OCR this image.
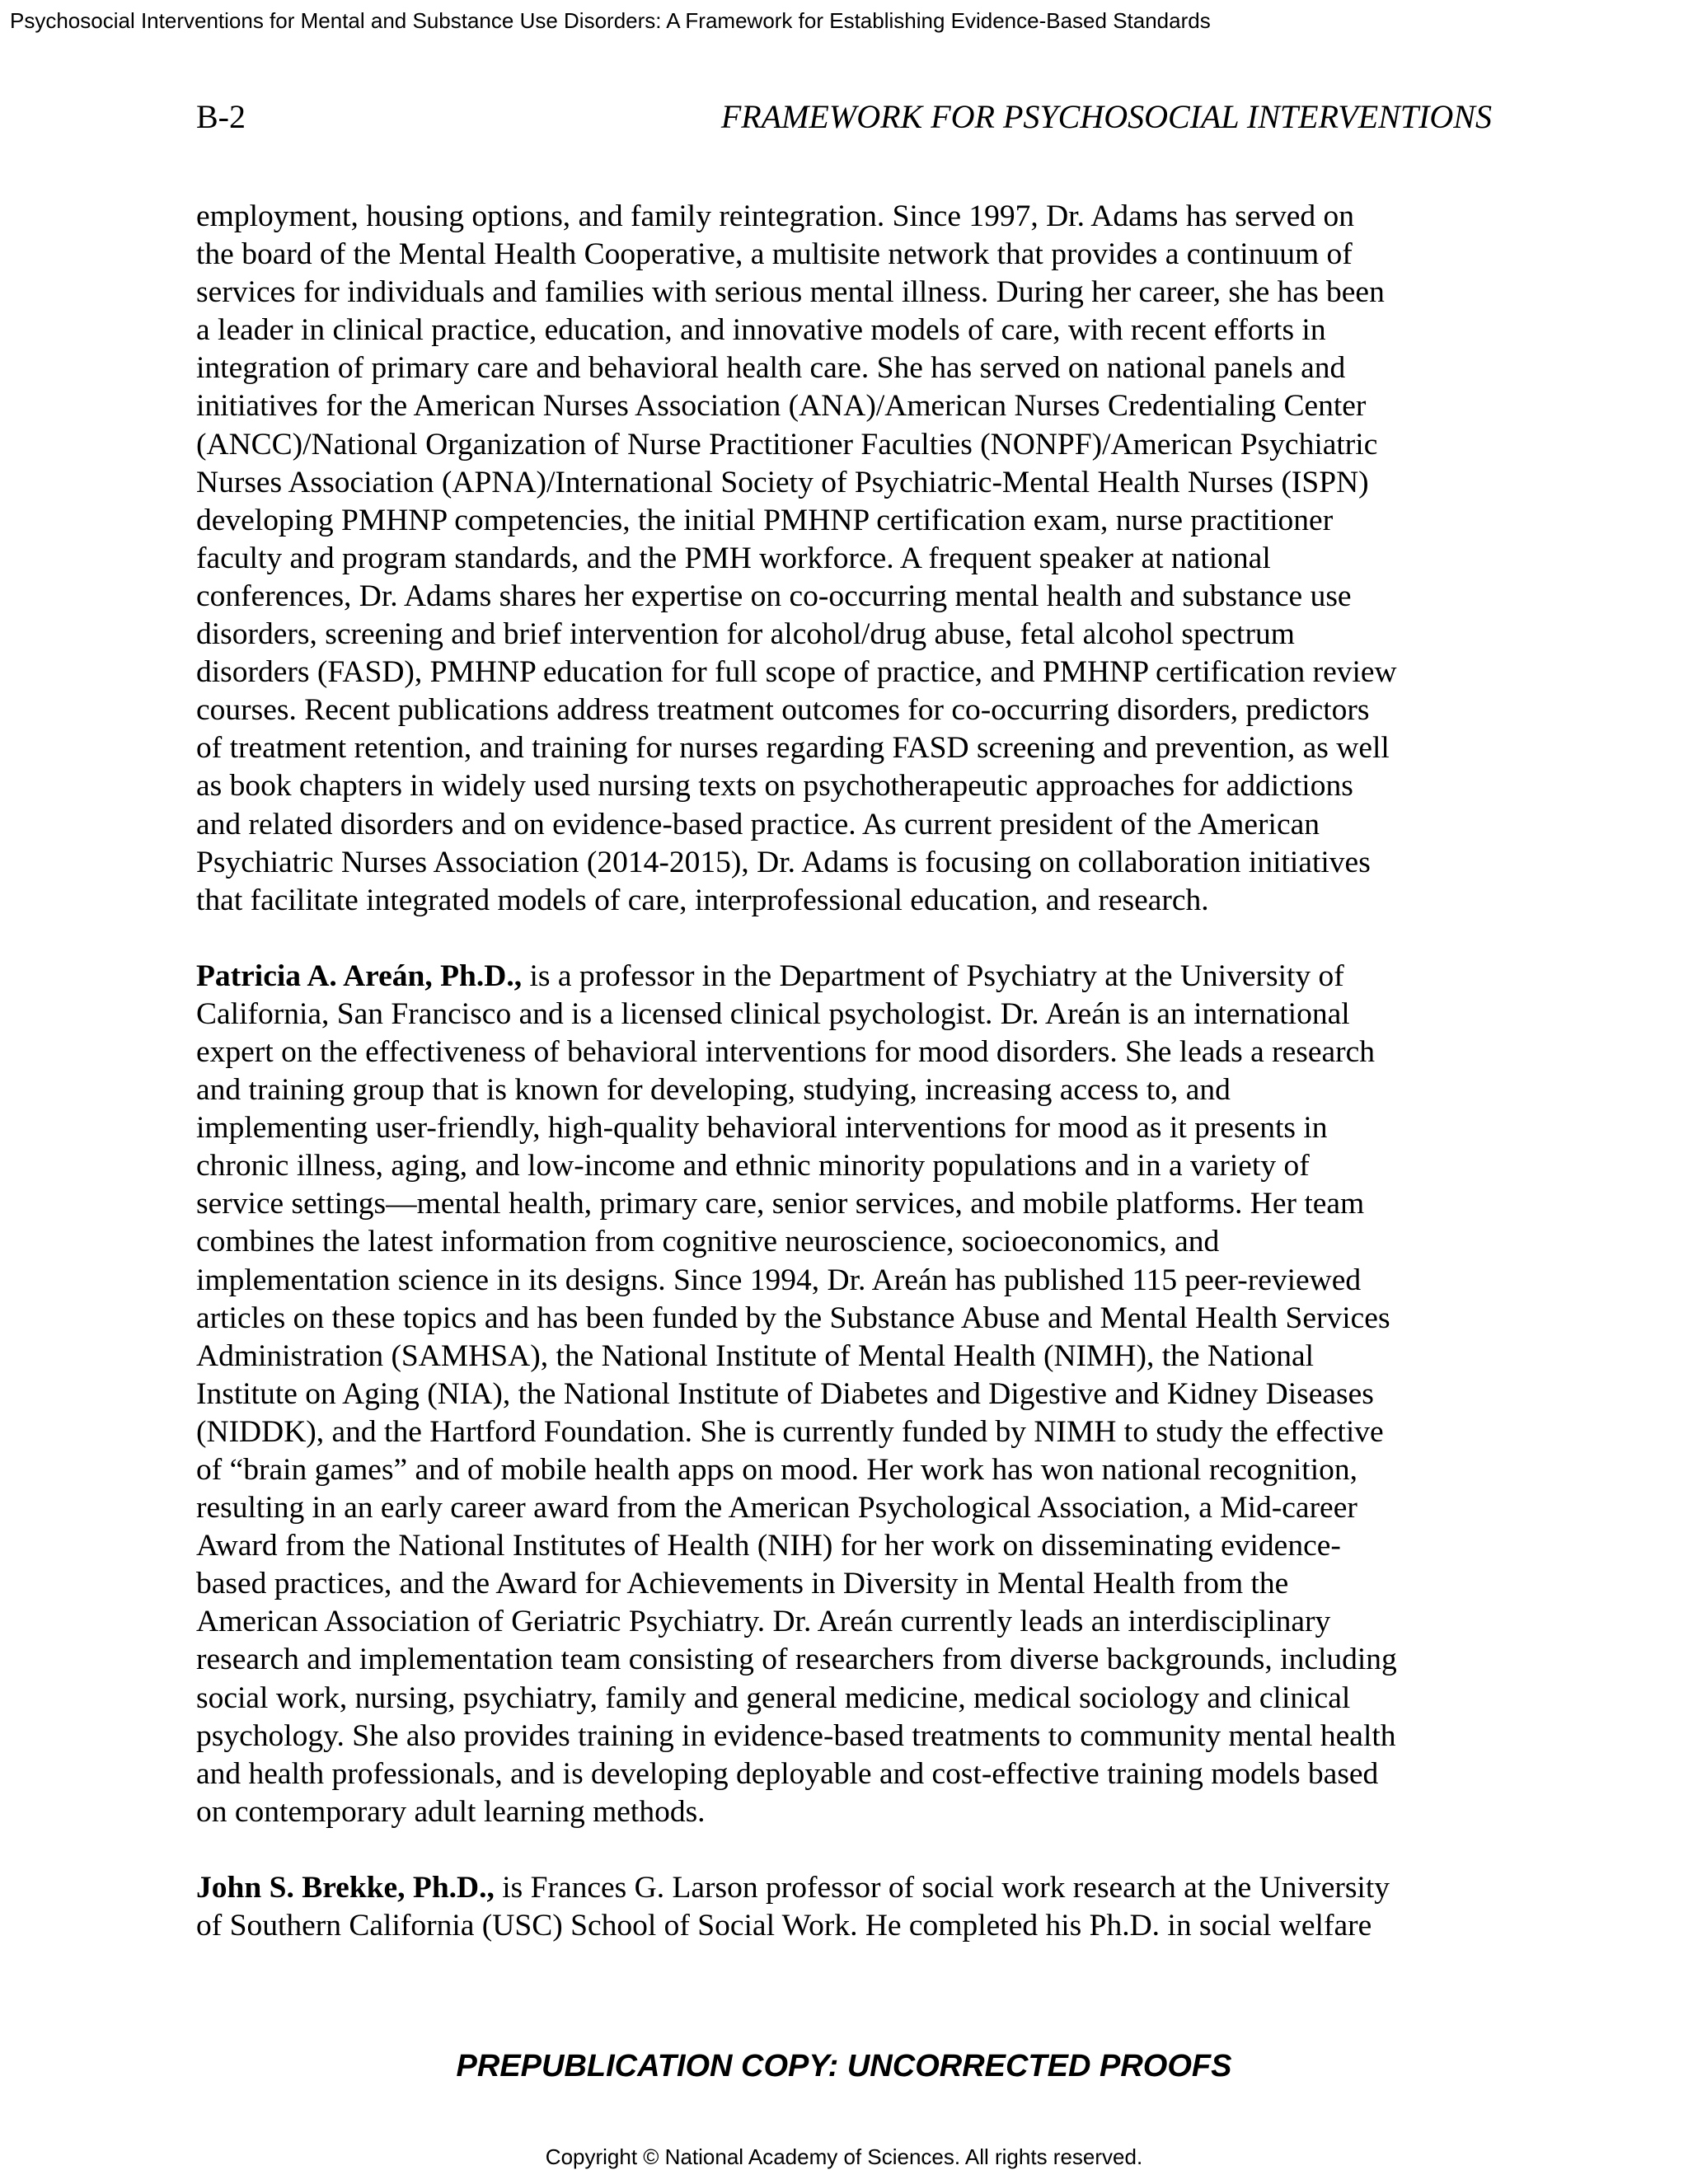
Psychosocial Interventions for Mental and Substance Use Disorders: A Framework for Establishing Evidence-Based Standards
B-2	FRAMEWORK FOR PSYCHOSOCIAL INTERVENTIONS
employment, housing options, and family reintegration. Since 1997, Dr. Adams has served on
the board of the Mental Health Cooperative, a multisite network that provides a continuum of
services for individuals and families with serious mental illness. During her career, she has been
a leader in clinical practice, education, and innovative models of care, with recent efforts in
integration of primary care and behavioral health care. She has served on national panels and
initiatives for the American Nurses Association (ANA)/American Nurses Credentialing Center
(ANCC)/National Organization of Nurse Practitioner Faculties (NONPF)/American Psychiatric
Nurses Association (APNA)/International Society of Psychiatric-Mental Health Nurses (ISPN)
developing PMHNP competencies, the initial PMHNP certification exam, nurse practitioner
faculty and program standards, and the PMH workforce. A frequent speaker at national
conferences, Dr. Adams shares her expertise on co-occurring mental health and substance use
disorders, screening and brief intervention for alcohol/drug abuse, fetal alcohol spectrum
disorders (FASD), PMHNP education for full scope of practice, and PMHNP certification review
courses. Recent publications address treatment outcomes for co-occurring disorders, predictors
of treatment retention, and training for nurses regarding FASD screening and prevention, as well
as book chapters in widely used nursing texts on psychotherapeutic approaches for addictions
and related disorders and on evidence-based practice. As current president of the American
Psychiatric Nurses Association (2014-2015), Dr. Adams is focusing on collaboration initiatives
that facilitate integrated models of care, interprofessional education, and research.
Patricia A. Areán, Ph.D., is a professor in the Department of Psychiatry at the University of
California, San Francisco and is a licensed clinical psychologist. Dr. Areán is an international
expert on the effectiveness of behavioral interventions for mood disorders. She leads a research
and training group that is known for developing, studying, increasing access to, and
implementing user-friendly, high-quality behavioral interventions for mood as it presents in
chronic illness, aging, and low-income and ethnic minority populations and in a variety of
service settings—mental health, primary care, senior services, and mobile platforms. Her team
combines the latest information from cognitive neuroscience, socioeconomics, and
implementation science in its designs. Since 1994, Dr. Areán has published 115 peer-reviewed
articles on these topics and has been funded by the Substance Abuse and Mental Health Services
Administration (SAMHSA), the National Institute of Mental Health (NIMH), the National
Institute on Aging (NIA), the National Institute of Diabetes and Digestive and Kidney Diseases
(NIDDK), and the Hartford Foundation. She is currently funded by NIMH to study the effective
of “brain games” and of mobile health apps on mood. Her work has won national recognition,
resulting in an early career award from the American Psychological Association, a Mid-career
Award from the National Institutes of Health (NIH) for her work on disseminating evidence-
based practices, and the Award for Achievements in Diversity in Mental Health from the
American Association of Geriatric Psychiatry. Dr. Areán currently leads an interdisciplinary
research and implementation team consisting of researchers from diverse backgrounds, including
social work, nursing, psychiatry, family and general medicine, medical sociology and clinical
psychology. She also provides training in evidence-based treatments to community mental health
and health professionals, and is developing deployable and cost-effective training models based
on contemporary adult learning methods.
John S. Brekke, Ph.D., is Frances G. Larson professor of social work research at the University
of Southern California (USC) School of Social Work. He completed his Ph.D. in social welfare
PREPUBLICATION COPY: UNCORRECTED PROOFS
Copyright © National Academy of Sciences. All rights reserved.
